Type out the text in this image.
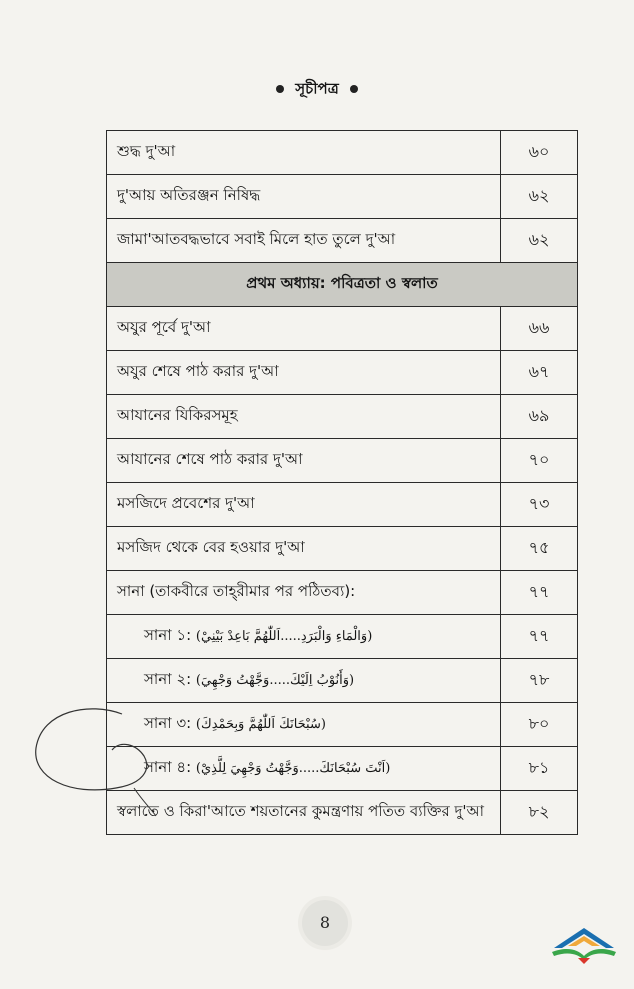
সূচীপত্র
শুদ্ধ দু'আ	৬০
দু'আয় অতিরঞ্জন নিষিদ্ধ	৬২
জামা'আতবদ্ধভাবে সবাই মিলে হাত তুলে দু'আ	৬২
প্রথম অধ্যায়: পবিত্রতা ও স্বলাত	
অযুর পূর্বে দু'আ	৬৬
অযুর শেষে পাঠ করার দু'আ	৬৭
আযানের যিকিরসমূহ	৬৯
আযানের শেষে পাঠ করার দু'আ	৭০
মসজিদে প্রবেশের দু'আ	৭৩
মসজিদ থেকে বের হওয়ার দু'আ	৭৫
সানা (তাকবীরে তাহ্‌রীমার পর পঠিতব্য):	৭৭
সানা ১: (وَالْمَاءِ وَالْبَرَدِ.....اَللّٰهُمَّ بَاعِدْ بَيْنِيْ)	৭৭
সানা ২: (وَأَنُوْبُ اِلَيْكَ.....وَجَّهْتُ وَجْهِيَ)	৭৮
সানা ৩: (سُبْحَانَكَ اَللّٰهُمَّ وَبِحَمْدِكَ)	৮০
সানা ৪: (اَنْتَ سُبْحَانَكَ.....وَجَّهْتُ وَجْهِيَ لِلَّذِيْ)	৮১
স্বলাতে ও কিরা'আতে শয়তানের কুমন্ত্রণায় পতিত ব্যক্তির দু'আ	৮২
8
